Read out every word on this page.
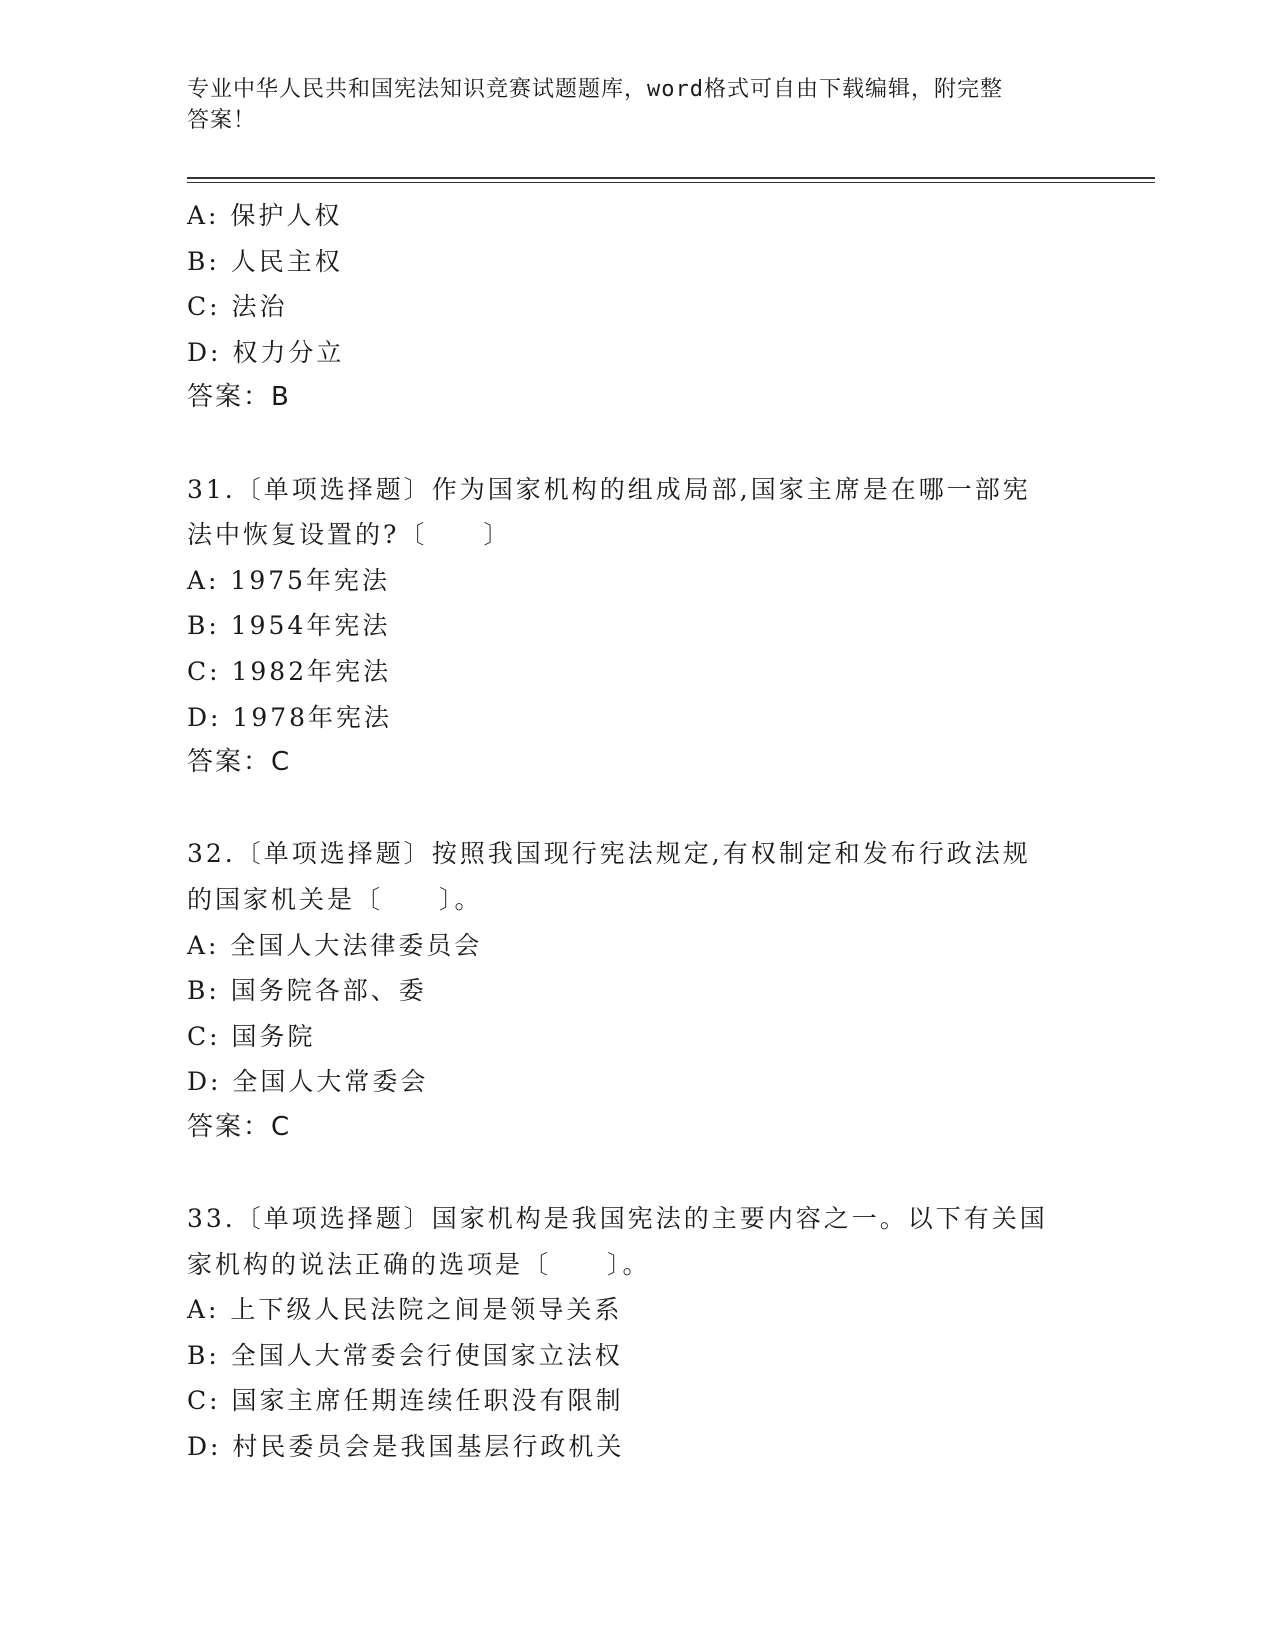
专业中华人民共和国宪法知识竞赛试题题库，word格式可自由下载编辑，附完整
答案！
A: 保护人权
B: 人民主权
C: 法治
D: 权力分立
答案：B
31.〔单项选择题〕作为国家机构的组成局部,国家主席是在哪一部宪
法中恢复设置的?〔　　〕
A: 1975年宪法
B: 1954年宪法
C: 1982年宪法
D: 1978年宪法
答案：C
32.〔单项选择题〕按照我国现行宪法规定,有权制定和发布行政法规
的国家机关是〔　　〕。
A: 全国人大法律委员会
B: 国务院各部、委
C: 国务院
D: 全国人大常委会
答案：C
33.〔单项选择题〕国家机构是我国宪法的主要内容之一。以下有关国
家机构的说法正确的选项是〔　　〕。
A: 上下级人民法院之间是领导关系
B: 全国人大常委会行使国家立法权
C: 国家主席任期连续任职没有限制
D: 村民委员会是我国基层行政机关
